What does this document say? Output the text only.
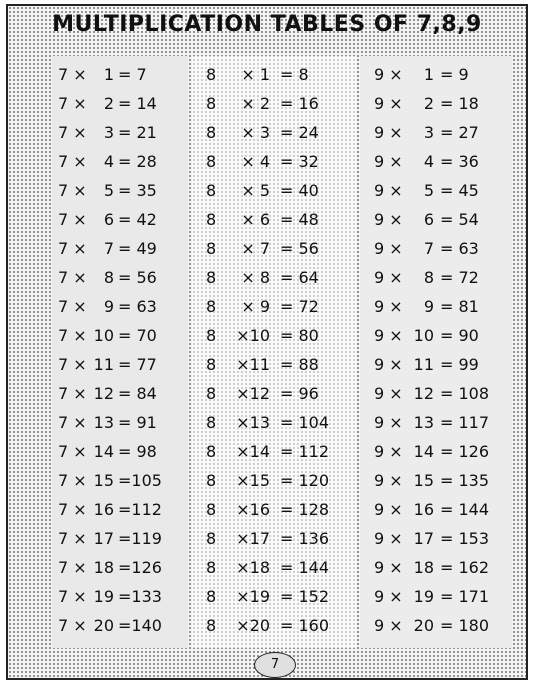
MULTIPLICATION TABLES OF 7,8,9
7 ×	1 = 7
7 ×	2 = 14
7 ×	3 = 21
7 ×	4 = 28
7 ×	5 = 35
7 ×	6 = 42
7 ×	7 = 49
7 ×	8 = 56
7 ×	9 = 63
7 × 10 = 70
7 × 11 = 77
7 × 12 = 84
7 × 13 = 91
7 × 14 = 98
7 × 15 =105
7 × 16 =112
7 × 17 =119
7 × 18 =126
7 × 19 =133
7 × 20 =140
8	× 1 = 8
8	× 2 = 16
8	× 3 = 24
8	× 4 = 32
8	× 5 = 40
8	× 6 = 48
8	× 7 = 56
8	× 8 = 64
8	× 9 = 72
8	×10 = 80
8	×11 = 88
8	×12 = 96
8	×13 = 104
8	×14 = 112
8	×15 = 120
8	×16 = 128
8	×17 = 136
8	×18 = 144
8	×19 = 152
8	×20 = 160
9 ×	1 = 9
9 ×	2 = 18
9 ×	3 = 27
9 ×	4 = 36
9 ×	5 = 45
9 ×	6 = 54
9 ×	7 = 63
9 ×	8 = 72
9 ×	9 = 81
9 × 10 = 90
9 × 11 = 99
9 × 12 = 108
9 × 13 = 117
9 × 14 = 126
9 × 15 = 135
9 × 16 = 144
9 × 17 = 153
9 × 18 = 162
9 × 19 = 171
9 × 20 = 180
7
